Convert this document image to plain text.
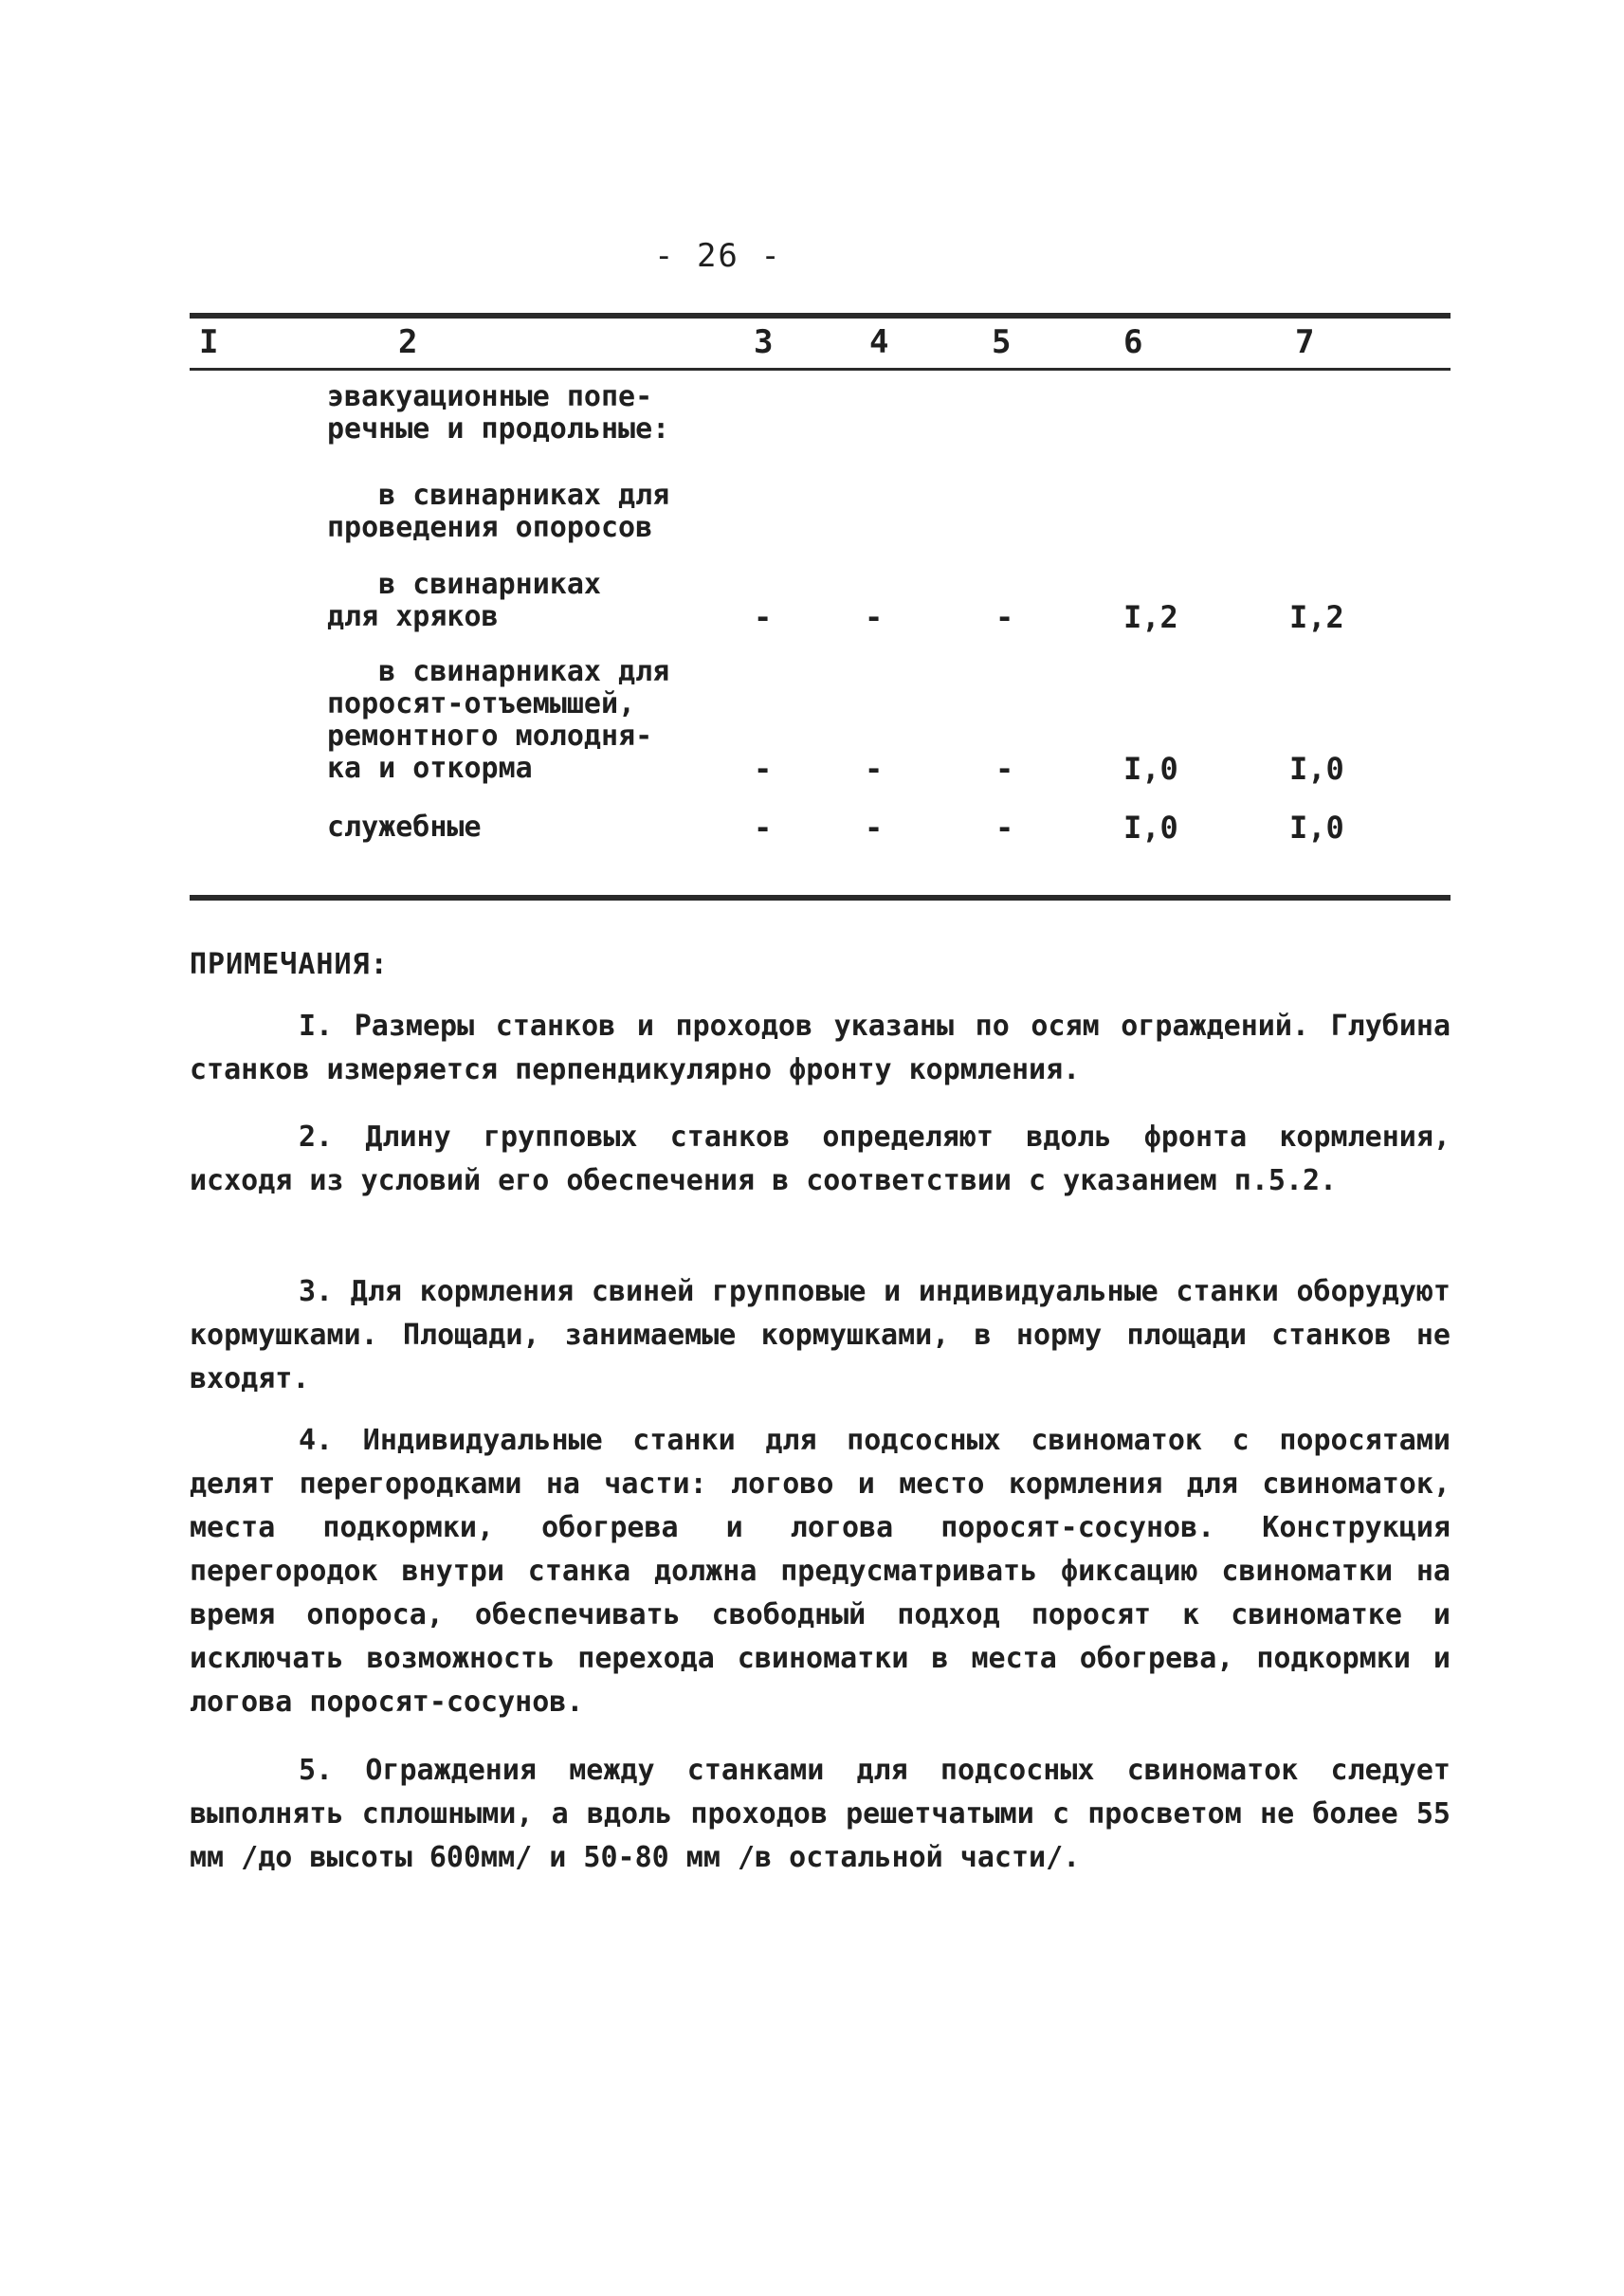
- 26 -
I	2	3	4	5	6	7
эвакуационные попе-
речные и продольные:
в свинарниках для
проведения опоросов
в свинарниках
для хряков	-	-	-	I,2	I,2
в свинарниках для
поросят-отъемышей,
ремонтного молодня-
ка и откорма	-	-	-	I,0	I,0
служебные	-	-	-	I,0	I,0
ПРИМЕЧАНИЯ:

I. Размеры станков и проходов указаны по осям ограждений. Глубина станков измеряется перпендикулярно фронту кормления.

2. Длину групповых станков определяют вдоль фронта кормления, исходя из условий его обеспечения в соответствии с указанием п.5.2.

3. Для кормления свиней групповые и индивидуальные станки оборудуют кормушками. Площади, занимаемые кормушками, в норму площади станков не входят.

4. Индивидуальные станки для подсосных свиноматок с поросятами делят перегородками на части: логово и место кормления для свиноматок, места подкормки, обогрева и логова поросят-сосунов. Конструкция перегородок внутри станка должна предусматривать фиксацию свиноматки на время опороса, обеспечивать свободный подход поросят к свиноматке и исключать возможность перехода свиноматки в места обогрева, подкормки и логова поросят-сосунов.

5. Ограждения между станками для подсосных свиноматок следует выполнять сплошными, а вдоль проходов решетчатыми с просветом не более 55 мм /до высоты 600мм/ и 50-80 мм /в остальной части/.
